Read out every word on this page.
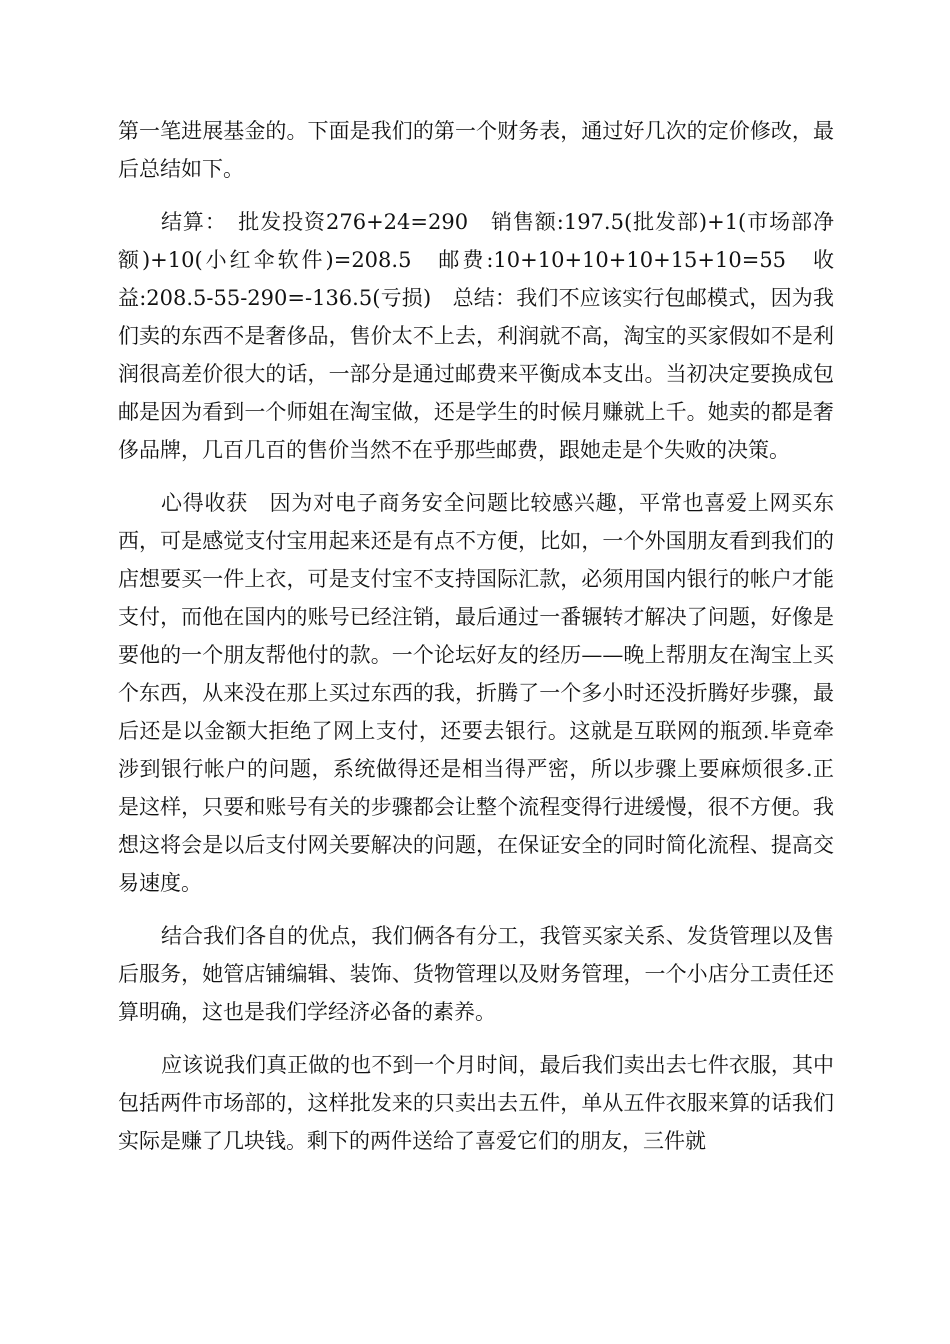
第一笔进展基金的。下面是我们的第一个财务表，通过好几次的定价修改，最后总结如下。

结算：　批发投资276+24=290　销售额:197.5(批发部)+1(市场部净额)+10(小红伞软件)=208.5　邮费:10+10+10+10+15+10=55　收益:208.5-55-290=-136.5(亏损)　总结：我们不应该实行包邮模式，因为我们卖的东西不是奢侈品，售价太不上去，利润就不高，淘宝的买家假如不是利润很高差价很大的话，一部分是通过邮费来平衡成本支出。当初决定要换成包邮是因为看到一个师姐在淘宝做，还是学生的时候月赚就上千。她卖的都是奢侈品牌，几百几百的售价当然不在乎那些邮费，跟她走是个失败的决策。

心得收获　因为对电子商务安全问题比较感兴趣，平常也喜爱上网买东西，可是感觉支付宝用起来还是有点不方便，比如，一个外国朋友看到我们的店想要买一件上衣，可是支付宝不支持国际汇款，必须用国内银行的帐户才能支付，而他在国内的账号已经注销，最后通过一番辗转才解决了问题，好像是要他的一个朋友帮他付的款。一个论坛好友的经历——晚上帮朋友在淘宝上买个东西，从来没在那上买过东西的我，折腾了一个多小时还没折腾好步骤，最后还是以金额大拒绝了网上支付，还要去银行。这就是互联网的瓶颈.毕竟牵涉到银行帐户的问题，系统做得还是相当得严密，所以步骤上要麻烦很多.正是这样，只要和账号有关的步骤都会让整个流程变得行进缓慢，很不方便。我想这将会是以后支付网关要解决的问题，在保证安全的同时简化流程、提高交易速度。

结合我们各自的优点，我们俩各有分工，我管买家关系、发货管理以及售后服务，她管店铺编辑、装饰、货物管理以及财务管理，一个小店分工责任还算明确，这也是我们学经济必备的素养。

应该说我们真正做的也不到一个月时间，最后我们卖出去七件衣服，其中包括两件市场部的，这样批发来的只卖出去五件，单从五件衣服来算的话我们实际是赚了几块钱。剩下的两件送给了喜爱它们的朋友，三件就
